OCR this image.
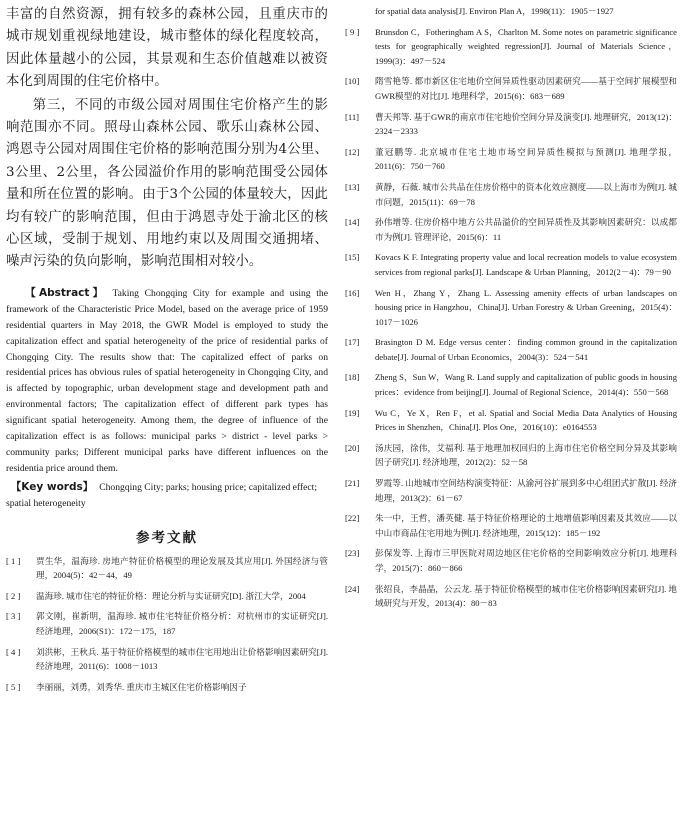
丰富的自然资源，拥有较多的森林公园，且重庆市的城市规划重视绿地建设，城市整体的绿化程度较高，因此体量越小的公园，其景观和生态价值越难以被资本化到周围的住宅价格中。

第三，不同的市级公园对周围住宅价格产生的影响范围亦不同。照母山森林公园、歌乐山森林公园、鸿恩寺公园对周围住宅价格的影响范围分别为4公里、3公里、2公里，各公园溢价作用的影响范围受公园体量和所在位置的影响。由于3个公园的体量较大，因此均有较广的影响范围，但由于鸿恩寺处于渝北区的核心区域，受制于规划、用地约束以及周围交通拥堵、噪声污染的负向影响，影响范围相对较小。

【Abstract】 Taking Chongqing City for example and using the framework of the Characteristic Price Model, based on the average price of 1959 residential quarters in May 2018, the GWR Model is employed to study the capitalization effect and spatial heterogeneity of the price of residential parks of Chongqing City. The results show that: The capitalized effect of parks on residential prices has obvious rules of spatial heterogeneity in Chongqing City, and is affected by topographic, urban development stage and development path and environmental factors; The capitalization effect of different park types has significant spatial heterogeneity. Among them, the degree of influence of the capitalization effect is as follows: municipal parks > district - level parks > community parks; Different municipal parks have different influences on the residentia price around them.

【Key words】 Chongqing City; parks; housing price; capitalized effect; spatial heterogeneity

参考文献
[ 1 ]	贾生华，温海珍. 房地产特征价格模型的理论发展及其应用[J]. 外国经济与管理，2004(5)：42－44，49
[ 2 ]	温海珍. 城市住宅的特征价格：理论分析与实证研究[D]. 浙江大学，2004
[ 3 ]	郭文刚，崔新明，温海珍. 城市住宅特征价格分析：对杭州市的实证研究[J]. 经济地理，2006(S1)：172－175，187
[ 4 ]	刘洪彬，王秋兵. 基于特征价格模型的城市住宅用地出让价格影响因素研究[J]. 经济地理，2011(6)：1008－1013
[ 5 ]	李丽丽，刘勇，刘秀华. 重庆市主城区住宅价格影响因子
for spatial data analysis[J]. Environ Plan A，1998(11)：1905－1927
[ 9 ]	Brunsdon C，Fotheringham A S，Charlton M. Some notes on parametric significance tests for geographically weighted regression[J]. Journal of Materials Science，1999(3)：497－524
[10]	隋雪艳等. 都市新区住宅地价空间异质性驱动因素研究——基于空间扩展模型和GWR模型的对比[J]. 地理科学，2015(6)：683－689
[11]	曹天邦等. 基于GWR的南京市住宅地价空间分异及演变[J]. 地理研究，2013(12)：2324－2333
[12]	董冠鹏等. 北京城市住宅土地市场空间异质性模拟与预测[J]. 地理学报，2011(6)：750－760
[13]	黄静，石薇. 城市公共品在住房价格中的资本化效应测度——以上海市为例[J]. 城市问题，2015(11)：69－78
[14]	孙伟增等. 住房价格中地方公共品溢价的空间异质性及其影响因素研究：以成都市为例[J]. 管理评论，2015(6)：11
[15]	Kovacs K F. Integrating property value and local recreation models to value ecosystem services from regional parks[J]. Landscape & Urban Planning，2012(2－4)：79－90
[16]	Wen H，Zhang Y，Zhang L. Assessing amenity effects of urban landscapes on housing price in Hangzhou，China[J]. Urban Forestry & Urban Greening，2015(4)：1017－1026
[17]	Brasington D M. Edge versus center：finding common ground in the capitalization debate[J]. Journal of Urban Economics，2004(3)：524－541
[18]	Zheng S，Sun W，Wang R. Land supply and capitalization of public goods in housing prices：evidence from beijing[J]. Journal of Regional Science，2014(4)：550－568
[19]	Wu C，Ye X，Ren F，et al. Spatial and Social Media Data Analytics of Housing Prices in Shenzhen，China[J]. Plos One，2016(10)：e0164553
[20]	汤庆园，徐伟，艾福利. 基于地理加权回归的上海市住宅价格空间分异及其影响因子研究[J]. 经济地理，2012(2)：52－58
[21]	罗霞等. 山地城市空间结构演变特征：从渝河谷扩展到多中心组团式扩散[J]. 经济地理，2013(2)：61－67
[22]	朱一中，王哲，潘英健. 基于特征价格理论的土地增值影响因素及其效应——以中山市商品住宅用地为例[J]. 经济地理，2015(12)：185－192
[23]	彭保发等. 上海市三甲医院对周边地区住宅价格的空间影响效应分析[J]. 地理科学，2015(7)：860－866
[24]	张绍良，李晶晶，公云龙. 基于特征价格模型的城市住宅价格影响因素研究[J]. 地域研究与开发，2013(4)：80－83
